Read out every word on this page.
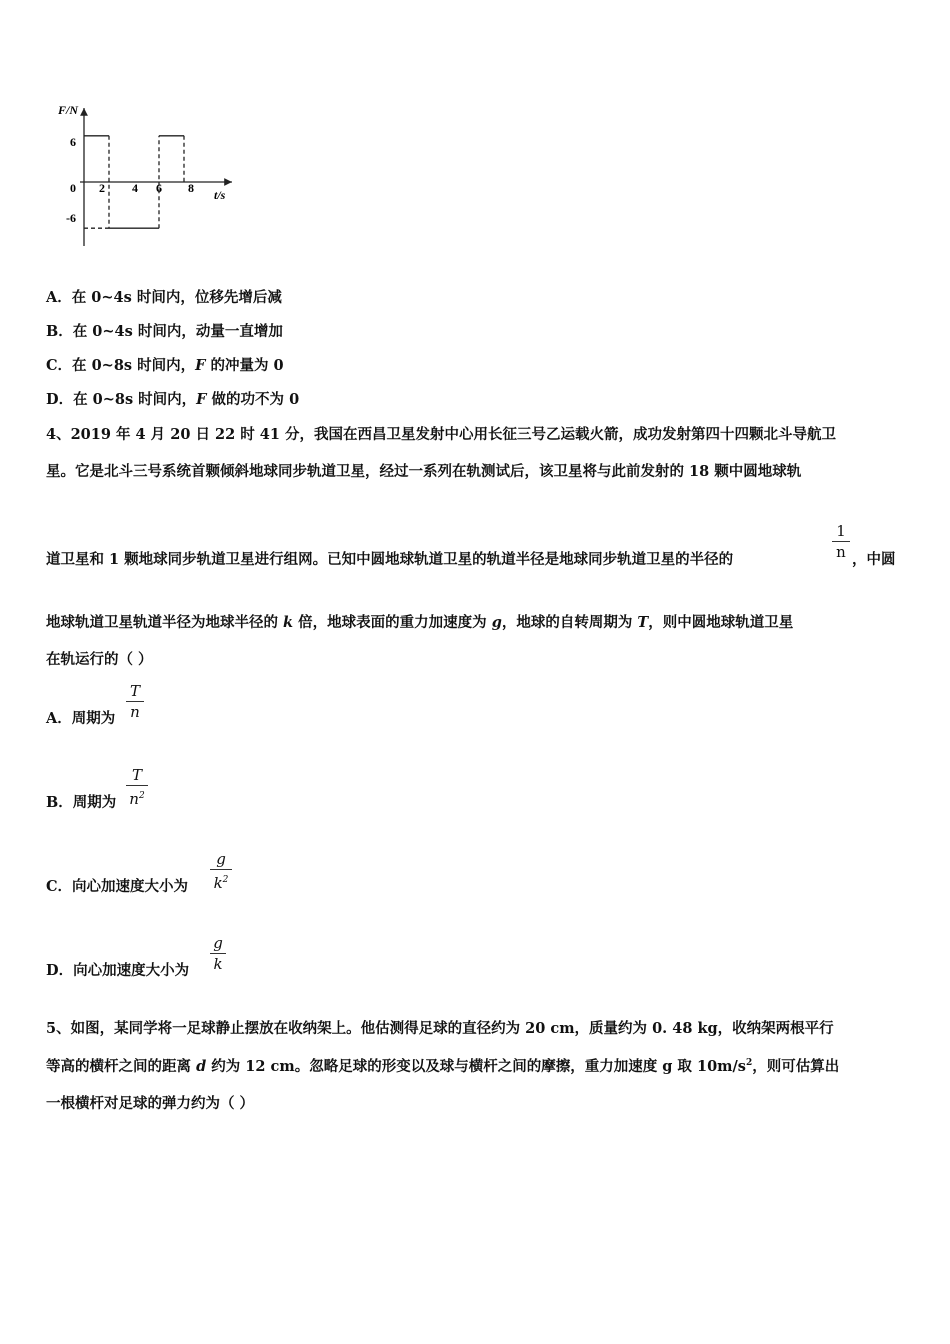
F/N
t/s
0
6
-6
2 4 6 8
A．在 0~4s 时间内，位移先增后减
B．在 0~4s 时间内，动量一直增加
C．在 0~8s 时间内，F 的冲量为 0
D．在 0~8s 时间内，F 做的功不为 0
4、2019 年 4 月 20 日 22 时 41 分，我国在西昌卫星发射中心用长征三号乙运载火箭，成功发射第四十四颗北斗导航卫
星。它是北斗三号系统首颗倾斜地球同步轨道卫星，经过一系列在轨测试后，该卫星将与此前发射的 18 颗中圆地球轨
道卫星和 1 颗地球同步轨道卫星进行组网。已知中圆地球轨道卫星的轨道半径是地球同步轨道卫星的半径的
1
n ，中圆
地球轨道卫星轨道半径为地球半径的 k 倍，地球表面的重力加速度为 g，地球的自转周期为 T，则中圆地球轨道卫星
在轨运行的（ ）
A．周期为
T
n
B．周期为
T
$n^2$
C．向心加速度大小为
g
$k^2$
D．向心加速度大小为
g
k
5、如图，某同学将一足球静止摆放在收纳架上。他估测得足球的直径约为 20 cm，质量约为 0. 48 kg，收纳架两根平行
等高的横杆之间的距离 d 约为 12 cm。忽略足球的形变以及球与横杆之间的摩擦，重力加速度 g 取 $10m/s^2$，则可估算出
一根横杆对足球的弹力约为（ ）
